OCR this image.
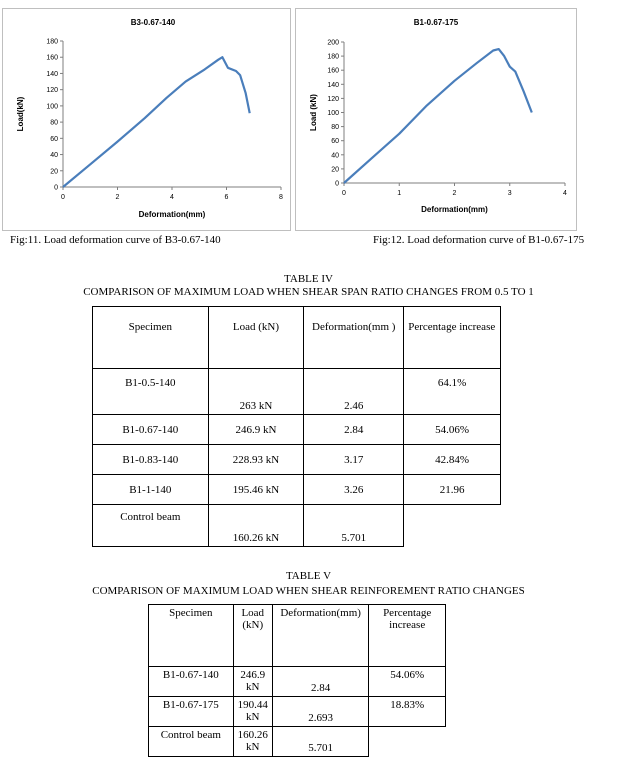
B3-0.67-140
0
20
40
60
80
100
120
140
160
180
0	2	4	6	8
Deformation(mm)
Load(kN)
Fig:11. Load deformation curve of B3-0.67-140
B1-0.67-175
0
20
40
60
80
100
120
140
160
180
200
0	1	2	3	4
Deformation(mm)
Load (kN)
Fig:12. Load deformation curve of B1-0.67-175
TABLE IV
COMPARISON OF MAXIMUM LOAD WHEN SHEAR SPAN RATIO CHANGES FROM 0.5 TO 1
Specimen	Load (kN)	Deformation(mm )	Percentage increase
B1-0.5-140	263 kN	2.46	64.1%
B1-0.67-140	246.9 kN	2.84	54.06%
B1-0.83-140	228.93 kN	3.17	42.84%
B1-1-140	195.46 kN	3.26	21.96
Control beam	160.26 kN	5.701	
TABLE V
COMPARISON OF MAXIMUM LOAD WHEN SHEAR REINFOREMENT RATIO CHANGES
Specimen	Load (kN)	Deformation(mm)	Percentage increase
B1-0.67-140	246.9 kN	2.84	54.06%
B1-0.67-175	190.44 kN	2.693	18.83%
Control beam	160.26 kN	5.701	
